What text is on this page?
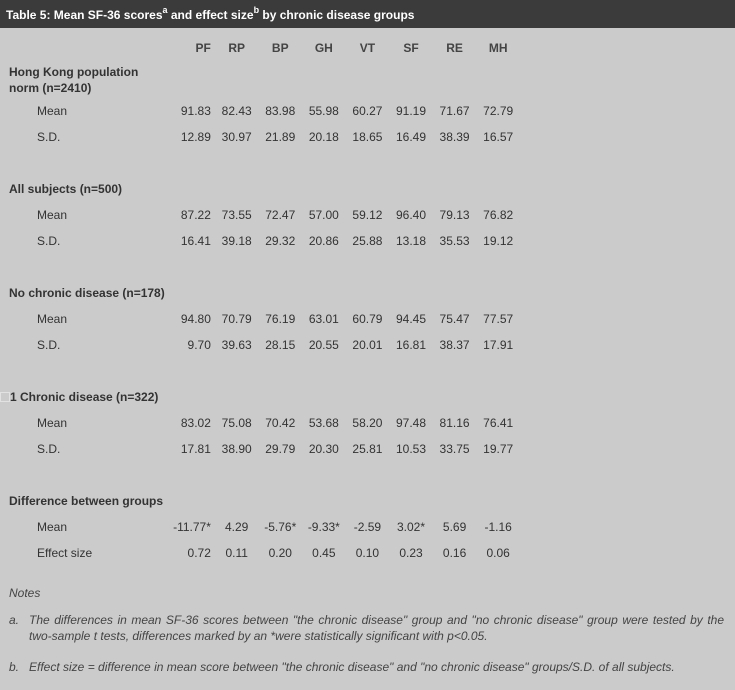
Table 5: Mean SF-36 scores$^a$ and effect size$^b$ by chronic disease groups
	PF	RP	BP	GH	VT	SF	RE	MH
Hong Kong population norm (n=2410)								
Mean	91.83	82.43	83.98	55.98	60.27	91.19	71.67	72.79
S.D.	12.89	30.97	21.89	20.18	18.65	16.49	38.39	16.57

All subjects (n=500)								
Mean	87.22	73.55	72.47	57.00	59.12	96.40	79.13	76.82
S.D.	16.41	39.18	29.32	20.86	25.88	13.18	35.53	19.12

No chronic disease (n=178)								
Mean	94.80	70.79	76.19	63.01	60.79	94.45	75.47	77.57
S.D.	9.70	39.63	28.15	20.55	20.01	16.81	38.37	17.91

1 Chronic disease (n=322)								
Mean	83.02	75.08	70.42	53.68	58.20	97.48	81.16	76.41
S.D.	17.81	38.90	29.79	20.30	25.81	10.53	33.75	19.77

Difference between groups								
Mean	-11.77*	4.29	-5.76*	-9.33*	-2.59	3.02*	5.69	-1.16
Effect size	0.72	0.11	0.20	0.45	0.10	0.23	0.16	0.06
Notes
a. The differences in mean SF-36 scores between "the chronic disease" group and "no chronic disease" group were tested by the two-sample t tests, differences marked by an *were statistically significant with p<0.05.
b. Effect size = difference in mean score between "the chronic disease" and "no chronic disease" groups/S.D. of all subjects.
